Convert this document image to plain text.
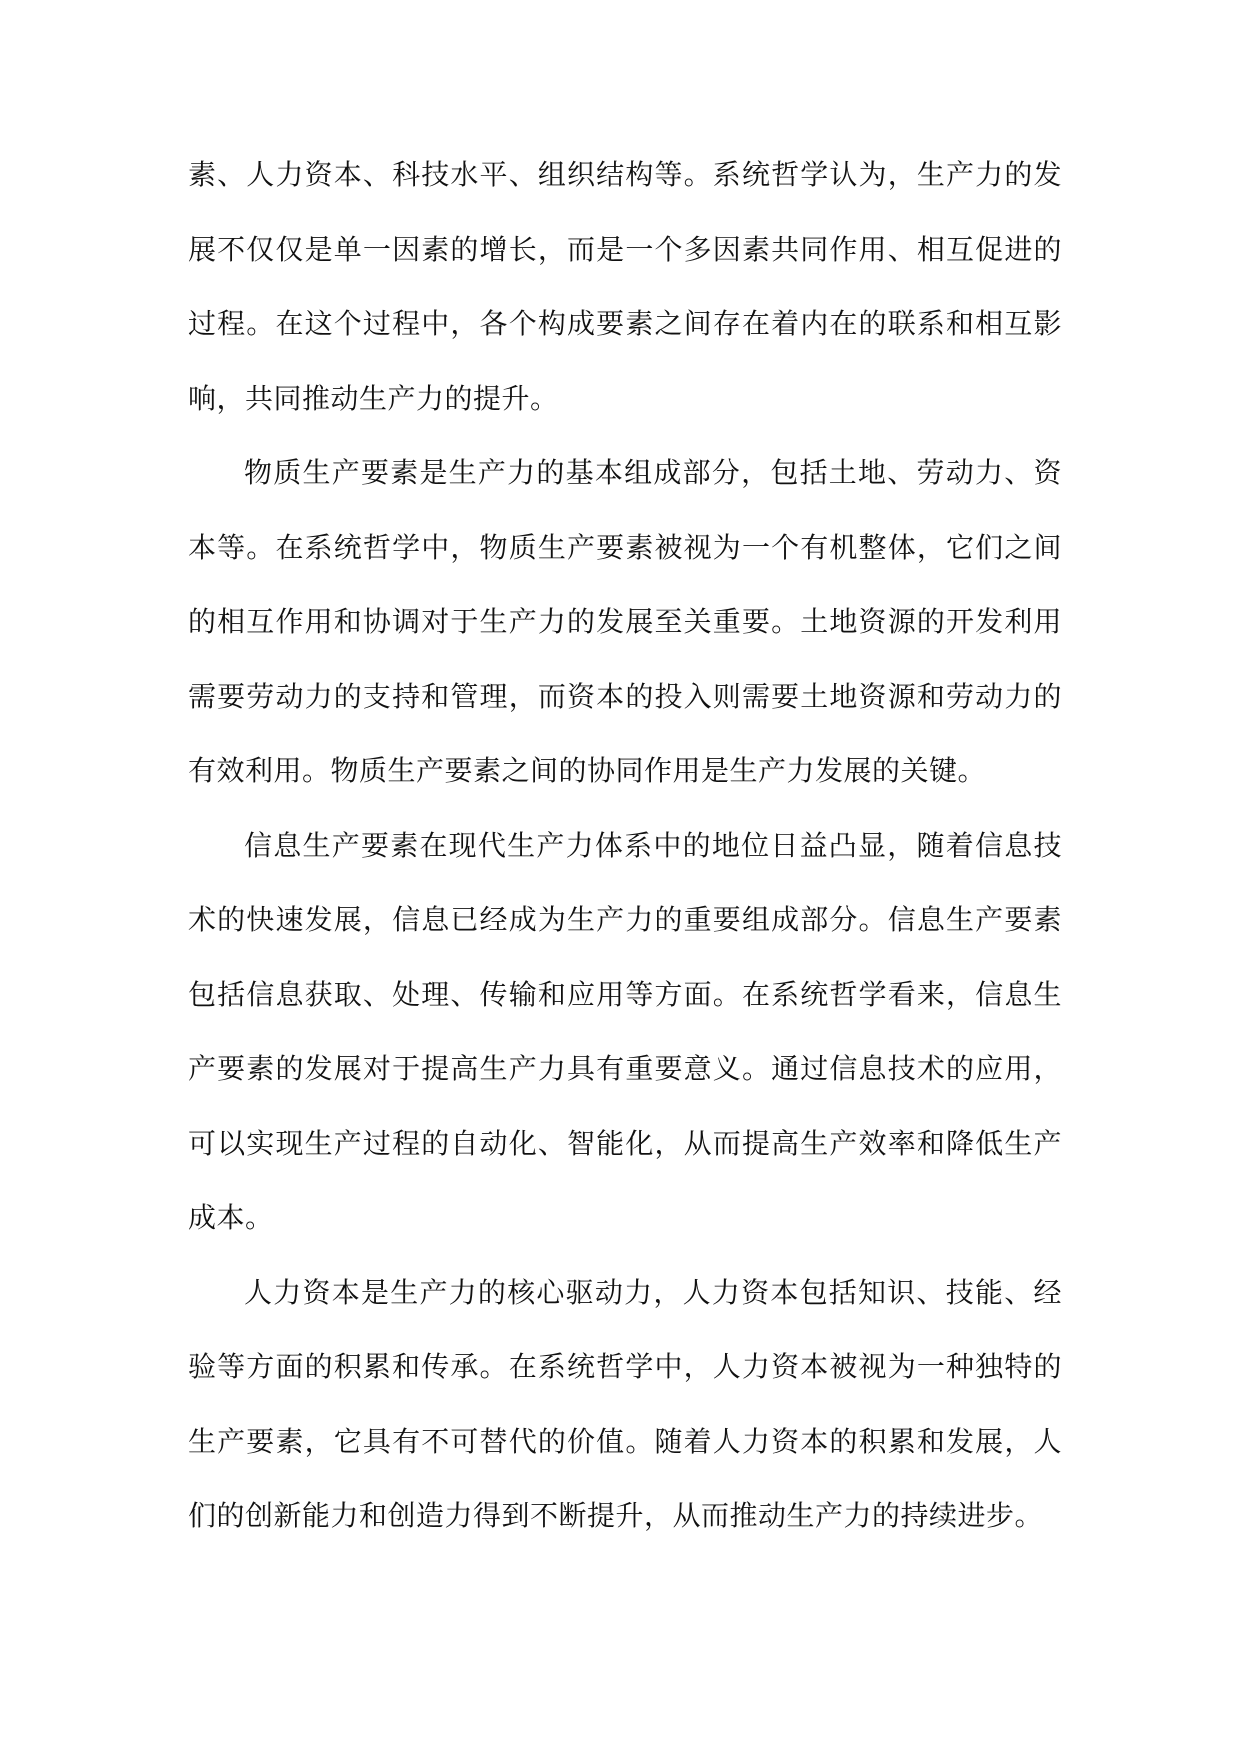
素、人力资本、科技水平、组织结构等。系统哲学认为，生产力的发展不仅仅是单一因素的增长，而是一个多因素共同作用、相互促进的过程。在这个过程中，各个构成要素之间存在着内在的联系和相互影响，共同推动生产力的提升。

物质生产要素是生产力的基本组成部分，包括土地、劳动力、资本等。在系统哲学中，物质生产要素被视为一个有机整体，它们之间的相互作用和协调对于生产力的发展至关重要。土地资源的开发利用需要劳动力的支持和管理，而资本的投入则需要土地资源和劳动力的有效利用。物质生产要素之间的协同作用是生产力发展的关键。

信息生产要素在现代生产力体系中的地位日益凸显，随着信息技术的快速发展，信息已经成为生产力的重要组成部分。信息生产要素包括信息获取、处理、传输和应用等方面。在系统哲学看来，信息生产要素的发展对于提高生产力具有重要意义。通过信息技术的应用，可以实现生产过程的自动化、智能化，从而提高生产效率和降低生产成本。

人力资本是生产力的核心驱动力，人力资本包括知识、技能、经验等方面的积累和传承。在系统哲学中，人力资本被视为一种独特的生产要素，它具有不可替代的价值。随着人力资本的积累和发展，人们的创新能力和创造力得到不断提升，从而推动生产力的持续进步。
